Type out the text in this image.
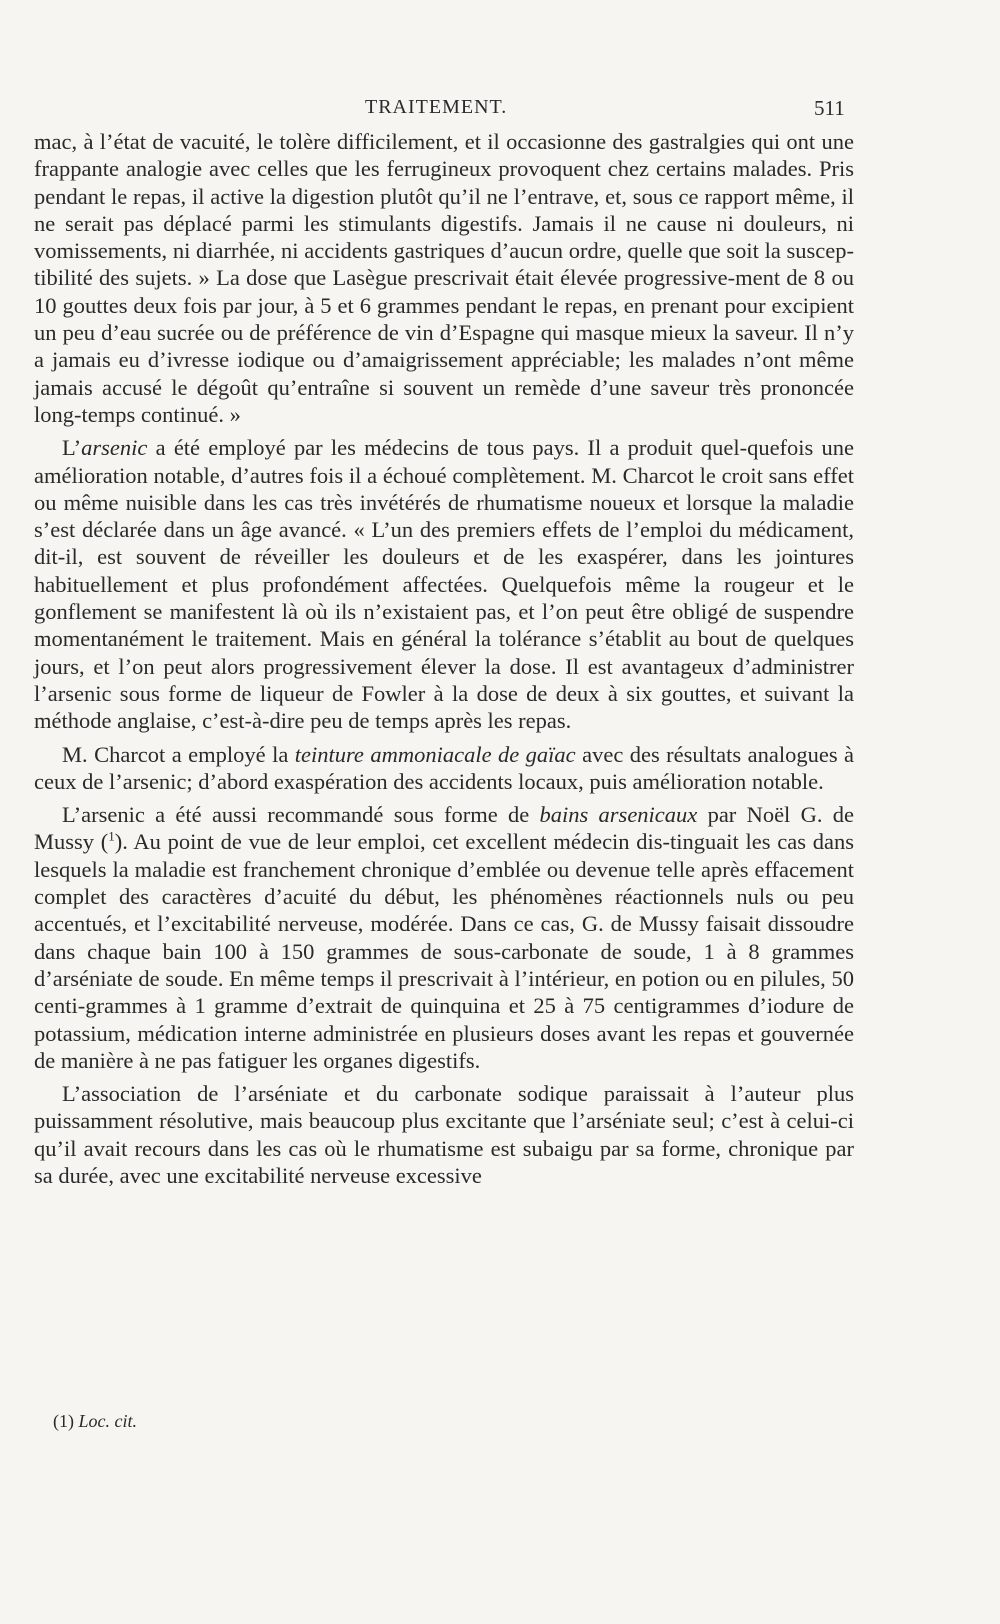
TRAITEMENT.	511

mac, à l’état de vacuité, le tolère difficilement, et il occasionne des gastralgies qui ont une frappante analogie avec celles que les ferrugineux provoquent chez certains malades. Pris pendant le repas, il active la digestion plutôt qu’il ne l’entrave, et, sous ce rapport même, il ne serait pas déplacé parmi les stimulants digestifs. Jamais il ne cause ni douleurs, ni vomissements, ni diarrhée, ni accidents gastriques d’aucun ordre, quelle que soit la suscep-tibilité des sujets. » La dose que Lasègue prescrivait était élevée progressive-ment de 8 ou 10 gouttes deux fois par jour, à 5 et 6 grammes pendant le repas, en prenant pour excipient un peu d’eau sucrée ou de préférence de vin d’Espagne qui masque mieux la saveur. Il n’y a jamais eu d’ivresse iodique ou d’amaigrissement appréciable; les malades n’ont même jamais accusé le dégoût qu’entraîne si souvent un remède d’une saveur très prononcée long-temps continué. »

L’arsenic a été employé par les médecins de tous pays. Il a produit quel-quefois une amélioration notable, d’autres fois il a échoué complètement. M. Charcot le croit sans effet ou même nuisible dans les cas très invétérés de rhumatisme noueux et lorsque la maladie s’est déclarée dans un âge avancé. « L’un des premiers effets de l’emploi du médicament, dit-il, est souvent de réveiller les douleurs et de les exaspérer, dans les jointures habituellement et plus profondément affectées. Quelquefois même la rougeur et le gonflement se manifestent là où ils n’existaient pas, et l’on peut être obligé de suspendre momentanément le traitement. Mais en général la tolérance s’établit au bout de quelques jours, et l’on peut alors progressivement élever la dose. Il est avantageux d’administrer l’arsenic sous forme de liqueur de Fowler à la dose de deux à six gouttes, et suivant la méthode anglaise, c’est-à-dire peu de temps après les repas.

M. Charcot a employé la teinture ammoniacale de gaïac avec des résultats analogues à ceux de l’arsenic; d’abord exaspération des accidents locaux, puis amélioration notable.

L’arsenic a été aussi recommandé sous forme de bains arsenicaux par Noël G. de Mussy ($^1$). Au point de vue de leur emploi, cet excellent médecin dis-tinguait les cas dans lesquels la maladie est franchement chronique d’emblée ou devenue telle après effacement complet des caractères d’acuité du début, les phénomènes réactionnels nuls ou peu accentués, et l’excitabilité nerveuse, modérée. Dans ce cas, G. de Mussy faisait dissoudre dans chaque bain 100 à 150 grammes de sous-carbonate de soude, 1 à 8 grammes d’arséniate de soude. En même temps il prescrivait à l’intérieur, en potion ou en pilules, 50 centi-grammes à 1 gramme d’extrait de quinquina et 25 à 75 centigrammes d’iodure de potassium, médication interne administrée en plusieurs doses avant les repas et gouvernée de manière à ne pas fatiguer les organes digestifs.

L’association de l’arséniate et du carbonate sodique paraissait à l’auteur plus puissamment résolutive, mais beaucoup plus excitante que l’arséniate seul; c’est à celui-ci qu’il avait recours dans les cas où le rhumatisme est subaigu par sa forme, chronique par sa durée, avec une excitabilité nerveuse excessive

(1) Loc. cit.
